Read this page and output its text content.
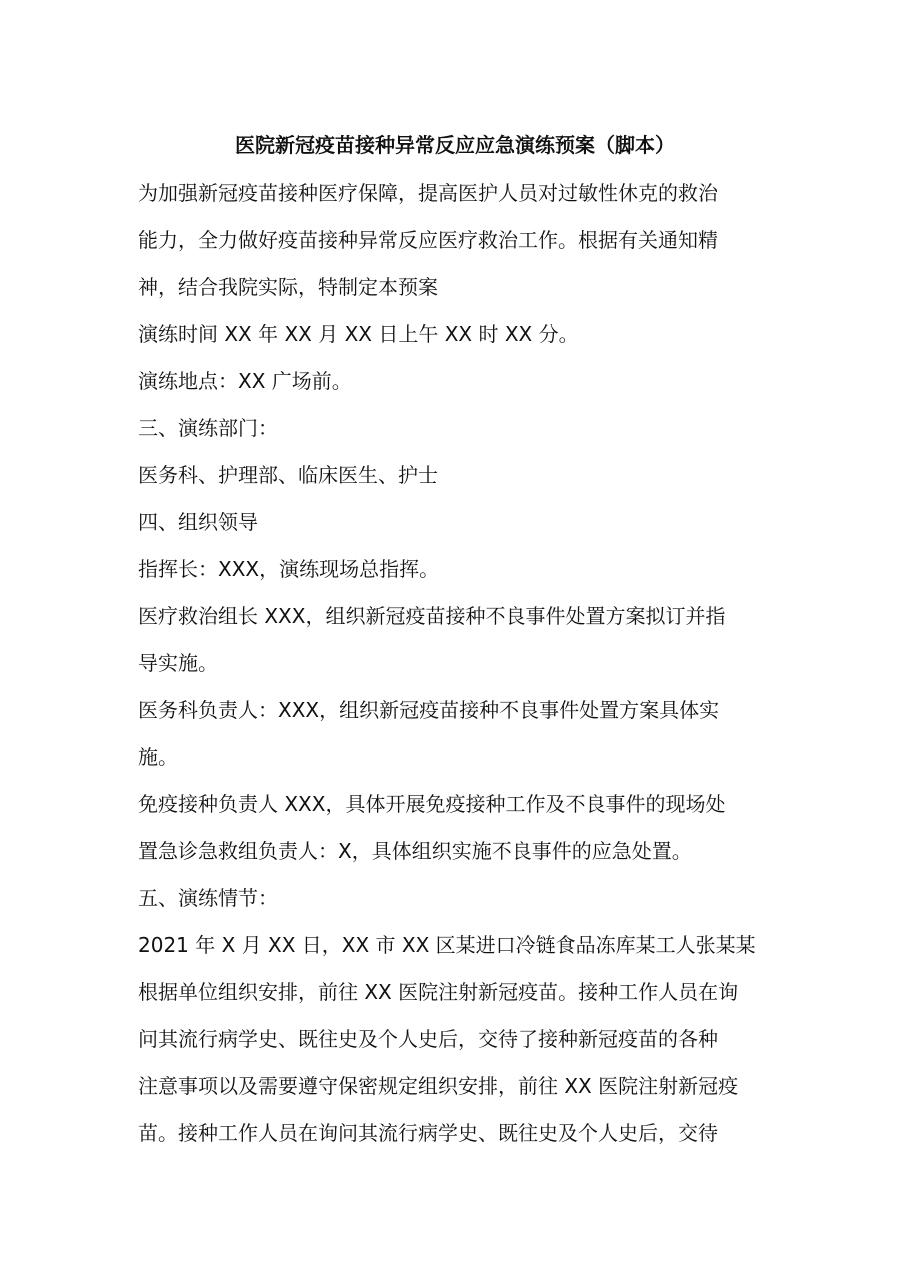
医院新冠疫苗接种异常反应应急演练预案（脚本）
为加强新冠疫苗接种医疗保障，提高医护人员对过敏性休克的救治
能力，全力做好疫苗接种异常反应医疗救治工作。根据有关通知精
神，结合我院实际，特制定本预案
演练时间 XX 年 XX 月 XX 日上午 XX 时 XX 分。
演练地点：XX 广场前。
三、演练部门：
医务科、护理部、临床医生、护士
四、组织领导
指挥长：XXX，演练现场总指挥。
医疗救治组长 XXX，组织新冠疫苗接种不良事件处置方案拟订并指
导实施。
医务科负责人：XXX，组织新冠疫苗接种不良事件处置方案具体实
施。
免疫接种负责人 XXX，具体开展免疫接种工作及不良事件的现场处
置急诊急救组负责人：X，具体组织实施不良事件的应急处置。
五、演练情节：
2021 年 X 月 XX 日，XX 市 XX 区某进口冷链食品冻库某工人张某某
根据单位组织安排，前往 XX 医院注射新冠疫苗。接种工作人员在询
问其流行病学史、既往史及个人史后，交待了接种新冠疫苗的各种
注意事项以及需要遵守保密规定组织安排，前往 XX 医院注射新冠疫
苗。接种工作人员在询问其流行病学史、既往史及个人史后，交待
